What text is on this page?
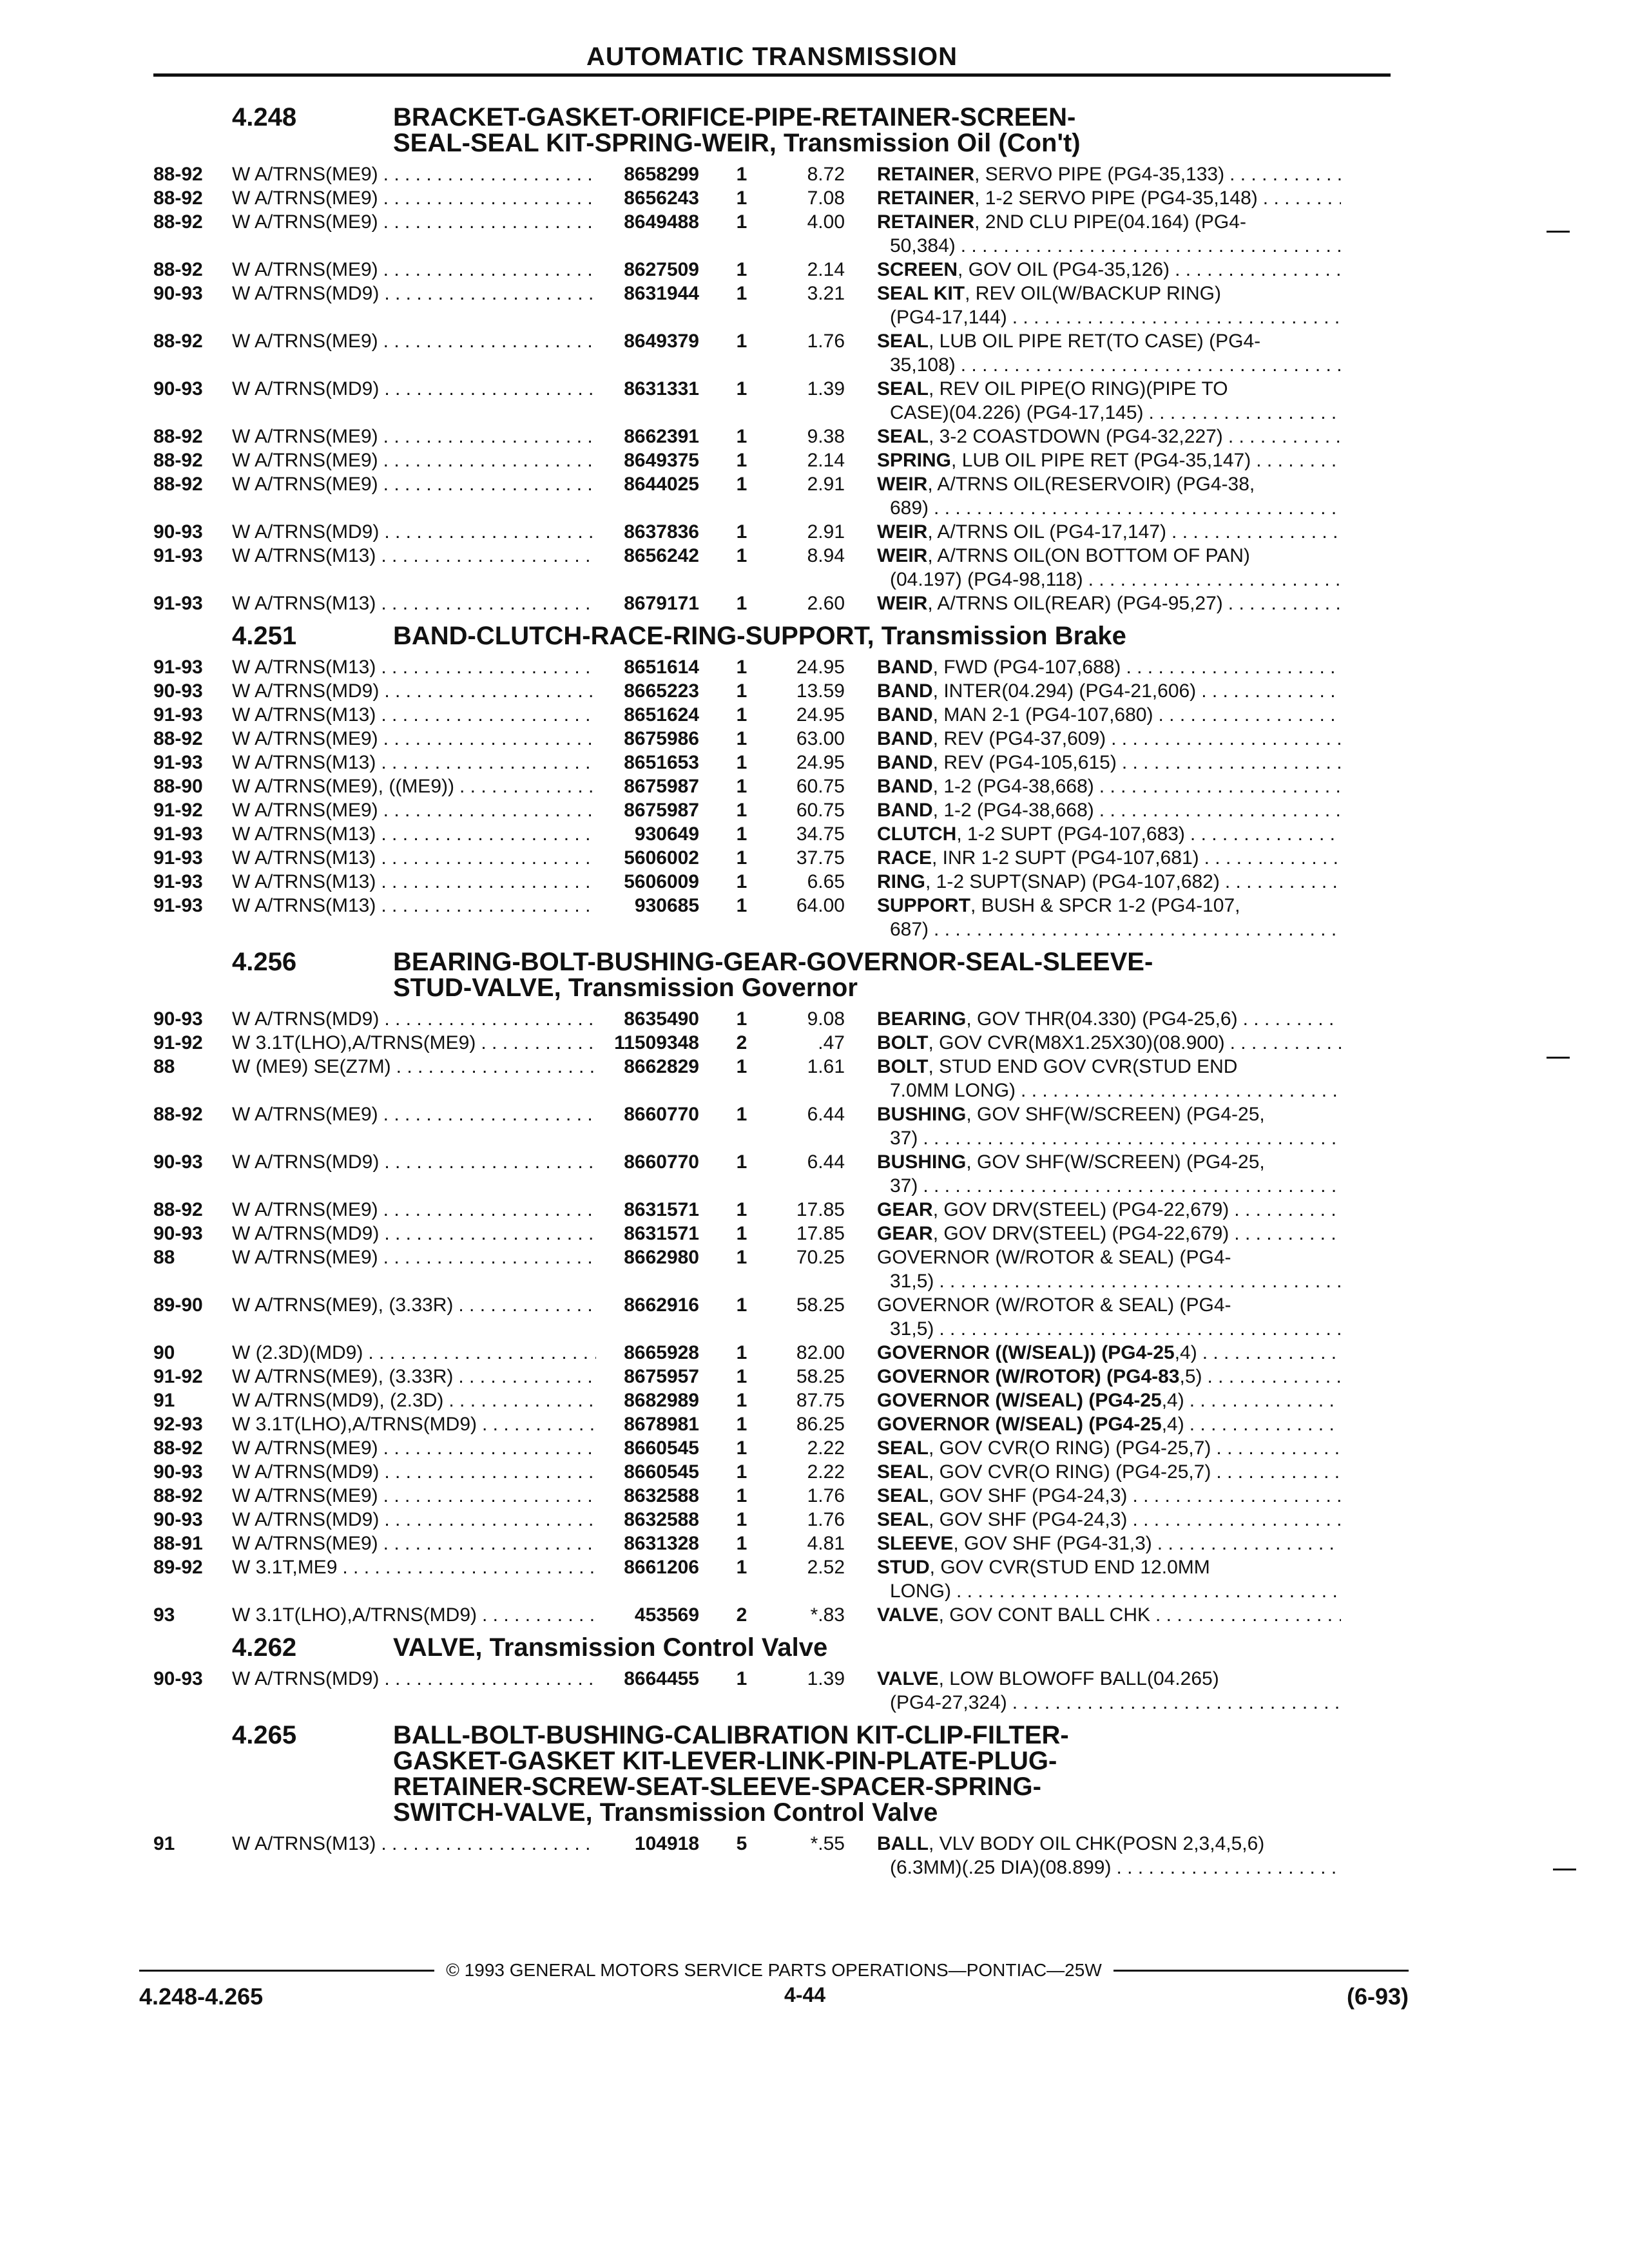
AUTOMATIC TRANSMISSION
4.248	BRACKET-GASKET-ORIFICE-PIPE-RETAINER-SCREEN-
SEAL-SEAL KIT-SPRING-WEIR, Transmission Oil (Con't)
88-92	W A/TRNS(ME9) . . .	8658299	1	8.72	RETAINER, SERVO PIPE (PG4-35,133)
. . .
88-92	W A/TRNS(ME9) . . .	8656243	1	7.08	RETAINER, 1-2 SERVO PIPE (PG4-35,148)
. . .
88-92	W A/TRNS(ME9) . . .	8649488	1	4.00	RETAINER, 2ND CLU PIPE(04.164) (PG4-
50,384)
. . .
88-92	W A/TRNS(ME9) . . .	8627509	1	2.14	SCREEN, GOV OIL (PG4-35,126)
. . .
90-93	W A/TRNS(MD9) . . .	8631944	1	3.21	SEAL KIT, REV OIL(W/BACKUP RING)
(PG4-17,144)
. . .
88-92	W A/TRNS(ME9) . . .	8649379	1	1.76	SEAL, LUB OIL PIPE RET(TO CASE) (PG4-
35,108)
. . .
90-93	W A/TRNS(MD9) . . .	8631331	1	1.39	SEAL, REV OIL PIPE(O RING)(PIPE TO
CASE)(04.226) (PG4-17,145)
. . .
88-92	W A/TRNS(ME9) . . .	8662391	1	9.38	SEAL, 3-2 COASTDOWN (PG4-32,227)
. . .
88-92	W A/TRNS(ME9) . . .	8649375	1	2.14	SPRING, LUB OIL PIPE RET (PG4-35,147)
. . .
88-92	W A/TRNS(ME9) . . .	8644025	1	2.91	WEIR, A/TRNS OIL(RESERVOIR) (PG4-38,
689)
. . .
90-93	W A/TRNS(MD9) . . .	8637836	1	2.91	WEIR, A/TRNS OIL (PG4-17,147)
. . .
91-93	W A/TRNS(M13) . . .	8656242	1	8.94	WEIR, A/TRNS OIL(ON BOTTOM OF PAN)
(04.197) (PG4-98,118)
. . .
91-93	W A/TRNS(M13) . . .	8679171	1	2.60	WEIR, A/TRNS OIL(REAR) (PG4-95,27)
. . .
4.251	BAND-CLUTCH-RACE-RING-SUPPORT, Transmission Brake
91-93	W A/TRNS(M13) . . .	8651614	1	24.95	BAND, FWD (PG4-107,688)
. . .
90-93	W A/TRNS(MD9) . . .	8665223	1	13.59	BAND, INTER(04.294) (PG4-21,606)
. . .
91-93	W A/TRNS(M13) . . .	8651624	1	24.95	BAND, MAN 2-1 (PG4-107,680)
. . .
88-92	W A/TRNS(ME9) . . .	8675986	1	63.00	BAND, REV (PG4-37,609)
. . .
91-93	W A/TRNS(M13) . . .	8651653	1	24.95	BAND, REV (PG4-105,615)
. . .
88-90	W A/TRNS(ME9), ((ME9)) . . .	8675987	1	60.75	BAND, 1-2 (PG4-38,668)
. . .
91-92	W A/TRNS(ME9) . . .	8675987	1	60.75	BAND, 1-2 (PG4-38,668)
. . .
91-93	W A/TRNS(M13) . . .	930649	1	34.75	CLUTCH, 1-2 SUPT (PG4-107,683)
. . .
91-93	W A/TRNS(M13) . . .	5606002	1	37.75	RACE, INR 1-2 SUPT (PG4-107,681)
. . .
91-93	W A/TRNS(M13) . . .	5606009	1	6.65	RING, 1-2 SUPT(SNAP) (PG4-107,682)
. . .
91-93	W A/TRNS(M13) . . .	930685	1	64.00	SUPPORT, BUSH & SPCR 1-2 (PG4-107,
687)
. . .
4.256	BEARING-BOLT-BUSHING-GEAR-GOVERNOR-SEAL-SLEEVE-
STUD-VALVE, Transmission Governor
90-93	W A/TRNS(MD9) . . .	8635490	1	9.08	BEARING, GOV THR(04.330) (PG4-25,6)
. . .
91-92	W 3.1T(LHO),A/TRNS(ME9) . . .	11509348	2	.47	BOLT, GOV CVR(M8X1.25X30)(08.900)
. . .
88	W (ME9) SE(Z7M) . . .	8662829	1	1.61	BOLT, STUD END GOV CVR(STUD END
7.0MM LONG)
. . .
88-92	W A/TRNS(ME9) . . .	8660770	1	6.44	BUSHING, GOV SHF(W/SCREEN) (PG4-25,
37)
. . .
90-93	W A/TRNS(MD9) . . .	8660770	1	6.44	BUSHING, GOV SHF(W/SCREEN) (PG4-25,
37)
. . .
88-92	W A/TRNS(ME9) . . .	8631571	1	17.85	GEAR, GOV DRV(STEEL) (PG4-22,679)
. . .
90-93	W A/TRNS(MD9) . . .	8631571	1	17.85	GEAR, GOV DRV(STEEL) (PG4-22,679)
. . .
88	W A/TRNS(ME9) . . .	8662980	1	70.25	GOVERNOR (W/ROTOR & SEAL) (PG4-
31,5)
. . .
89-90	W A/TRNS(ME9), (3.33R) . . .	8662916	1	58.25	GOVERNOR (W/ROTOR & SEAL) (PG4-
31,5)
. . .
90	W (2.3D)(MD9) . . .	8665928	1	82.00	GOVERNOR ((W/SEAL)) (PG4-25,4)
. . .
91-92	W A/TRNS(ME9), (3.33R) . . .	8675957	1	58.25	GOVERNOR (W/ROTOR) (PG4-83,5)
. . .
91	W A/TRNS(MD9), (2.3D) . . .	8682989	1	87.75	GOVERNOR (W/SEAL) (PG4-25,4)
. . .
92-93	W 3.1T(LHO),A/TRNS(MD9) . . .	8678981	1	86.25	GOVERNOR (W/SEAL) (PG4-25,4)
. . .
88-92	W A/TRNS(ME9) . . .	8660545	1	2.22	SEAL, GOV CVR(O RING) (PG4-25,7)
. . .
90-93	W A/TRNS(MD9) . . .	8660545	1	2.22	SEAL, GOV CVR(O RING) (PG4-25,7)
. . .
88-92	W A/TRNS(ME9) . . .	8632588	1	1.76	SEAL, GOV SHF (PG4-24,3)
. . .
90-93	W A/TRNS(MD9) . . .	8632588	1	1.76	SEAL, GOV SHF (PG4-24,3)
. . .
88-91	W A/TRNS(ME9) . . .	8631328	1	4.81	SLEEVE, GOV SHF (PG4-31,3)
. . .
89-92	W 3.1T,ME9 . . .	8661206	1	2.52	STUD, GOV CVR(STUD END 12.0MM
LONG)
. . .
93	W 3.1T(LHO),A/TRNS(MD9) . . .	453569	2	*.83	VALVE, GOV CONT BALL CHK
. . .
4.262	VALVE, Transmission Control Valve
90-93	W A/TRNS(MD9) . . .	8664455	1	1.39	VALVE, LOW BLOWOFF BALL(04.265)
(PG4-27,324)
. . .
4.265	BALL-BOLT-BUSHING-CALIBRATION KIT-CLIP-FILTER-
GASKET-GASKET KIT-LEVER-LINK-PIN-PLATE-PLUG-
RETAINER-SCREW-SEAT-SLEEVE-SPACER-SPRING-
SWITCH-VALVE, Transmission Control Valve
91	W A/TRNS(M13) . . .	104918	5	*.55	BALL, VLV BODY OIL CHK(POSN 2,3,4,5,6)
(6.3MM)(.25 DIA)(08.899)
. . .
© 1993 GENERAL MOTORS SERVICE PARTS OPERATIONS—PONTIAC—25W
4.248-4.265	4-44	(6-93)
